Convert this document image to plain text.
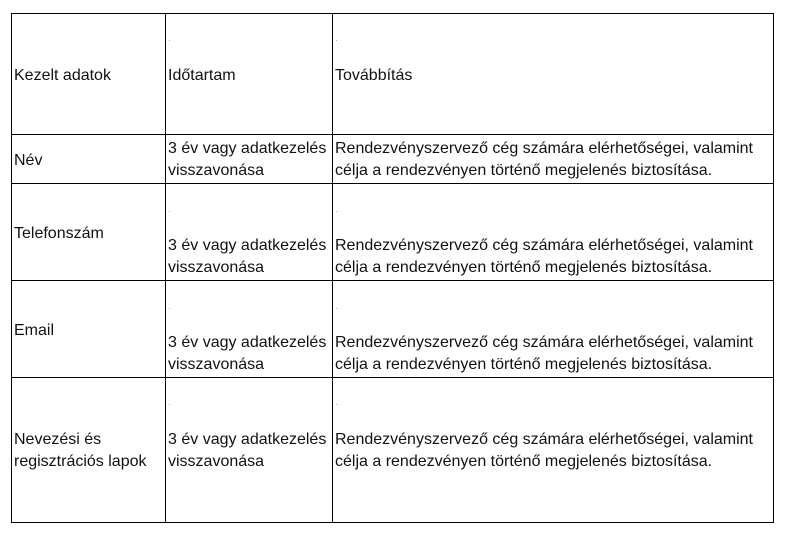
Kezelt adatok	Időtartam	Továbbítás
Név
3 év vagy adatkezelés visszavonása
Rendezvényszervező cég számára elérhetőségei, valamint célja a rendezvényen történő megjelenés biztosítása.
Telefonszám
3 év vagy adatkezelés visszavonása
Rendezvényszervező cég számára elérhetőségei, valamint célja a rendezvényen történő megjelenés biztosítása.
Email
3 év vagy adatkezelés visszavonása
Rendezvényszervező cég számára elérhetőségei, valamint célja a rendezvényen történő megjelenés biztosítása.
Nevezési és regisztrációs lapok
3 év vagy adatkezelés visszavonása
Rendezvényszervező cég számára elérhetőségei, valamint célja a rendezvényen történő megjelenés biztosítása.
